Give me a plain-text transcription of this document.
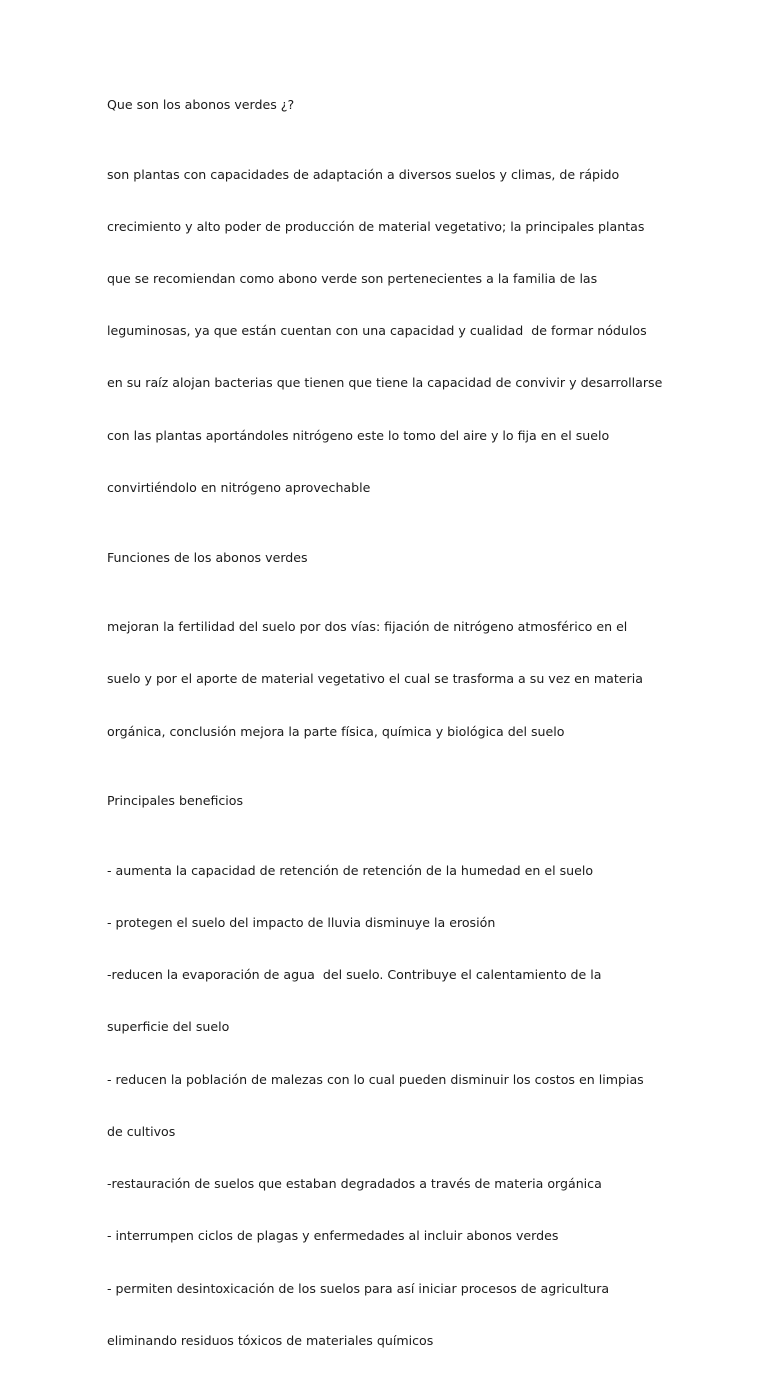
Que son los abonos verdes ¿?

son plantas con capacidades de adaptación a diversos suelos y climas, de rápido

crecimiento y alto poder de producción de material vegetativo; la principales plantas

que se recomiendan como abono verde son pertenecientes a la familia de las

leguminosas, ya que están cuentan con una capacidad y cualidad  de formar nódulos

en su raíz alojan bacterias que tienen que tiene la capacidad de convivir y desarrollarse

con las plantas aportándoles nitrógeno este lo tomo del aire y lo fija en el suelo

convirtiéndolo en nitrógeno aprovechable

Funciones de los abonos verdes

mejoran la fertilidad del suelo por dos vías: fijación de nitrógeno atmosférico en el

suelo y por el aporte de material vegetativo el cual se trasforma a su vez en materia

orgánica, conclusión mejora la parte física, química y biológica del suelo

Principales beneficios

- aumenta la capacidad de retención de retención de la humedad en el suelo

- protegen el suelo del impacto de lluvia disminuye la erosión

-reducen la evaporación de agua  del suelo. Contribuye el calentamiento de la

superficie del suelo

- reducen la población de malezas con lo cual pueden disminuir los costos en limpias

de cultivos

-restauración de suelos que estaban degradados a través de materia orgánica

- interrumpen ciclos de plagas y enfermedades al incluir abonos verdes

- permiten desintoxicación de los suelos para así iniciar procesos de agricultura

eliminando residuos tóxicos de materiales químicos
